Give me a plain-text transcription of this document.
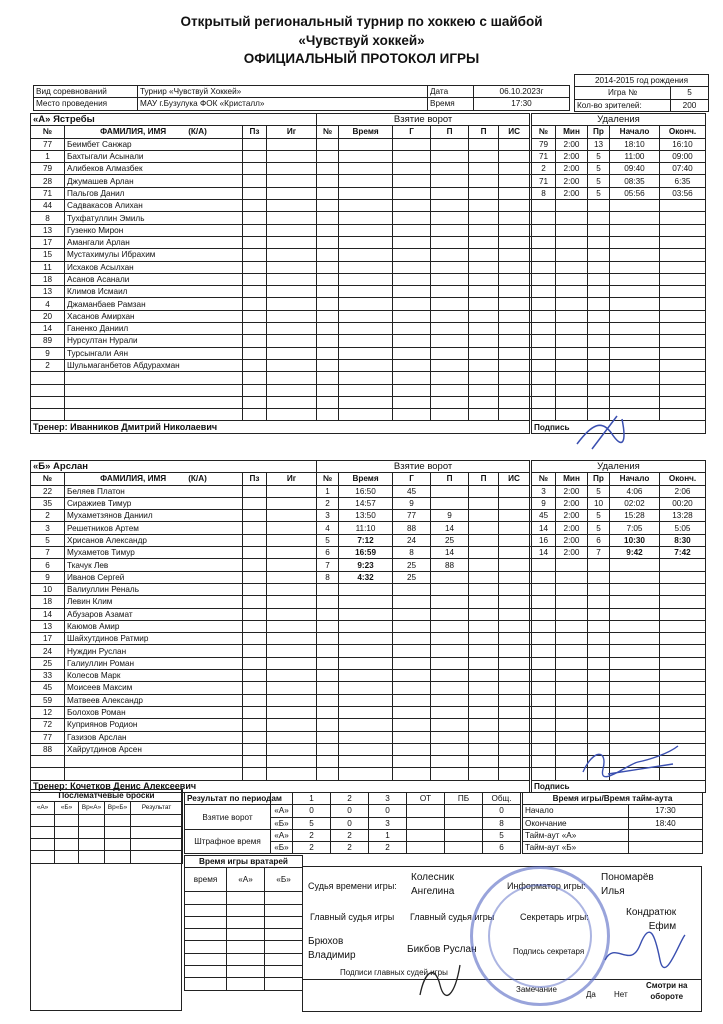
Открытый региональный турнир по хоккею с шайбой
«Чувствуй хоккей»
ОФИЦИАЛЬНЫЙ ПРОТОКОЛ ИГРЫ
Вид соревнований	Турнир «Чувствуй Хоккей»	Дата	06.10.2023г
Место проведения	МАУ г.Бузулука ФОК «Кристалл»	Время	17:30
2014-2015 год рождения	
Игра №	5
Кол-во зрителей:	200
«А» Ястребы				Взятие ворот					
№	ФАМИЛИЯ, ИМЯ (К/А)	Пз	Иг	№	Время	Г	П	П	ИС
77	Беимбет Санжар								
1	Бахтыгали Асынали								
79	Алибеков Алмазбек								
28	Джумашев Арлан								
71	Пальгов Данил								
44	Садвакасов Алихан								
8	Тухфатуллин Эмиль								
13	Гузенко Мирон								
17	Амангали Арлан								
15	Мустахимулы Ибрахим								
11	Исхаков Асылхан								
18	Асанов Асанали								
13	Климов Исмаил								
4	Джаманбаев Рамзан								
20	Хасанов Амирхан								
14	Ганенко Даниил								
89	Нурсултан Нурали								
9	Турсынгали Аян								
2	Шульмаганбетов Абдурахман								

Тренер: Иванников Дмитрий Николаевич									
Удаления				
№	Мин	Пр	Начало	Оконч.
79	2:00	13	18:10	16:10
71	2:00	5	11:00	09:00
2	2:00	5	09:40	07:40
71	2:00	5	08:35	6:35
8	2:00	5	05:56	03:56

Подпись				
«Б» Арслан				Взятие ворот					
№	ФАМИЛИЯ, ИМЯ (К/А)	Пз	Иг	№	Время	Г	П	П	ИС
22	Беляев Платон			1	16:50	45			
35	Сиражиев Тимур			2	14:57	9			
2	Мухаметзянов Даниил			3	13:50	77	9		
3	Решетников Артем			4	11:10	88	14		
5	Хрисанов Александр			5	7:12	24	25		
7	Мухаметов Тимур			6	16:59	8	14		
6	Ткачук Лев			7	9:23	25	88		
9	Иванов Сергей			8	4:32	25			
10	Валиуллин Реналь								
18	Левин Клим								
14	Абузаров Азамат								
13	Каюмов Амир								
17	Шайхутдинов Ратмир								
24	Нуждин Руслан								
25	Галиуллин Роман								
33	Колесов Марк								
45	Моисеев Максим								
59	Матвеев Александр								
12	Болохов Роман								
72	Куприянов Родион								
77	Газизов Арслан								
88	Хайрутдинов Арсен								

Тренер: Кочетков Денис Алексеевич									
Удаления				
№	Мин	Пр	Начало	Оконч.
3	2:00	5	4:06	2:06
9	2:00	10	02:02	00:20
45	2:00	5	15:28	13:28
14	2:00	5	7:05	5:05
16	2:00	6	10:30	8:30
14	2:00	7	9:42	7:42

Подпись				
Послематчевые броски				
«А»	«Б»	Вр«А»	Вр«Б»	Результат

Результат по периодам		1	2	3	ОТ	ПБ	Общ.
Взятие ворот	«А»	0	0	0			0
	«Б»	5	0	3			8
Штрафное время	«А»	2	2	1			5
	«Б»	2	2	2			6
Время игры/Время тайм-аута	
Начало	17:30
Окончание	18:40
Тайм-аут «А»	
Тайм-аут «Б»	
Время игры вратарей		
время	«А»	«Б»

Судья времени игры:
Колесник
Ангелина	Информатор игры:
Пономарёв
Илья
Главный судья игры Главный судья игры	Секретарь игры:	Кондратюк
Ефим
Брюхов
Владимир
Бикбов Руслан	Подпись секретаря
Подписи главных судей игры
Замечание
Да Нет
Смотри на
обороте
